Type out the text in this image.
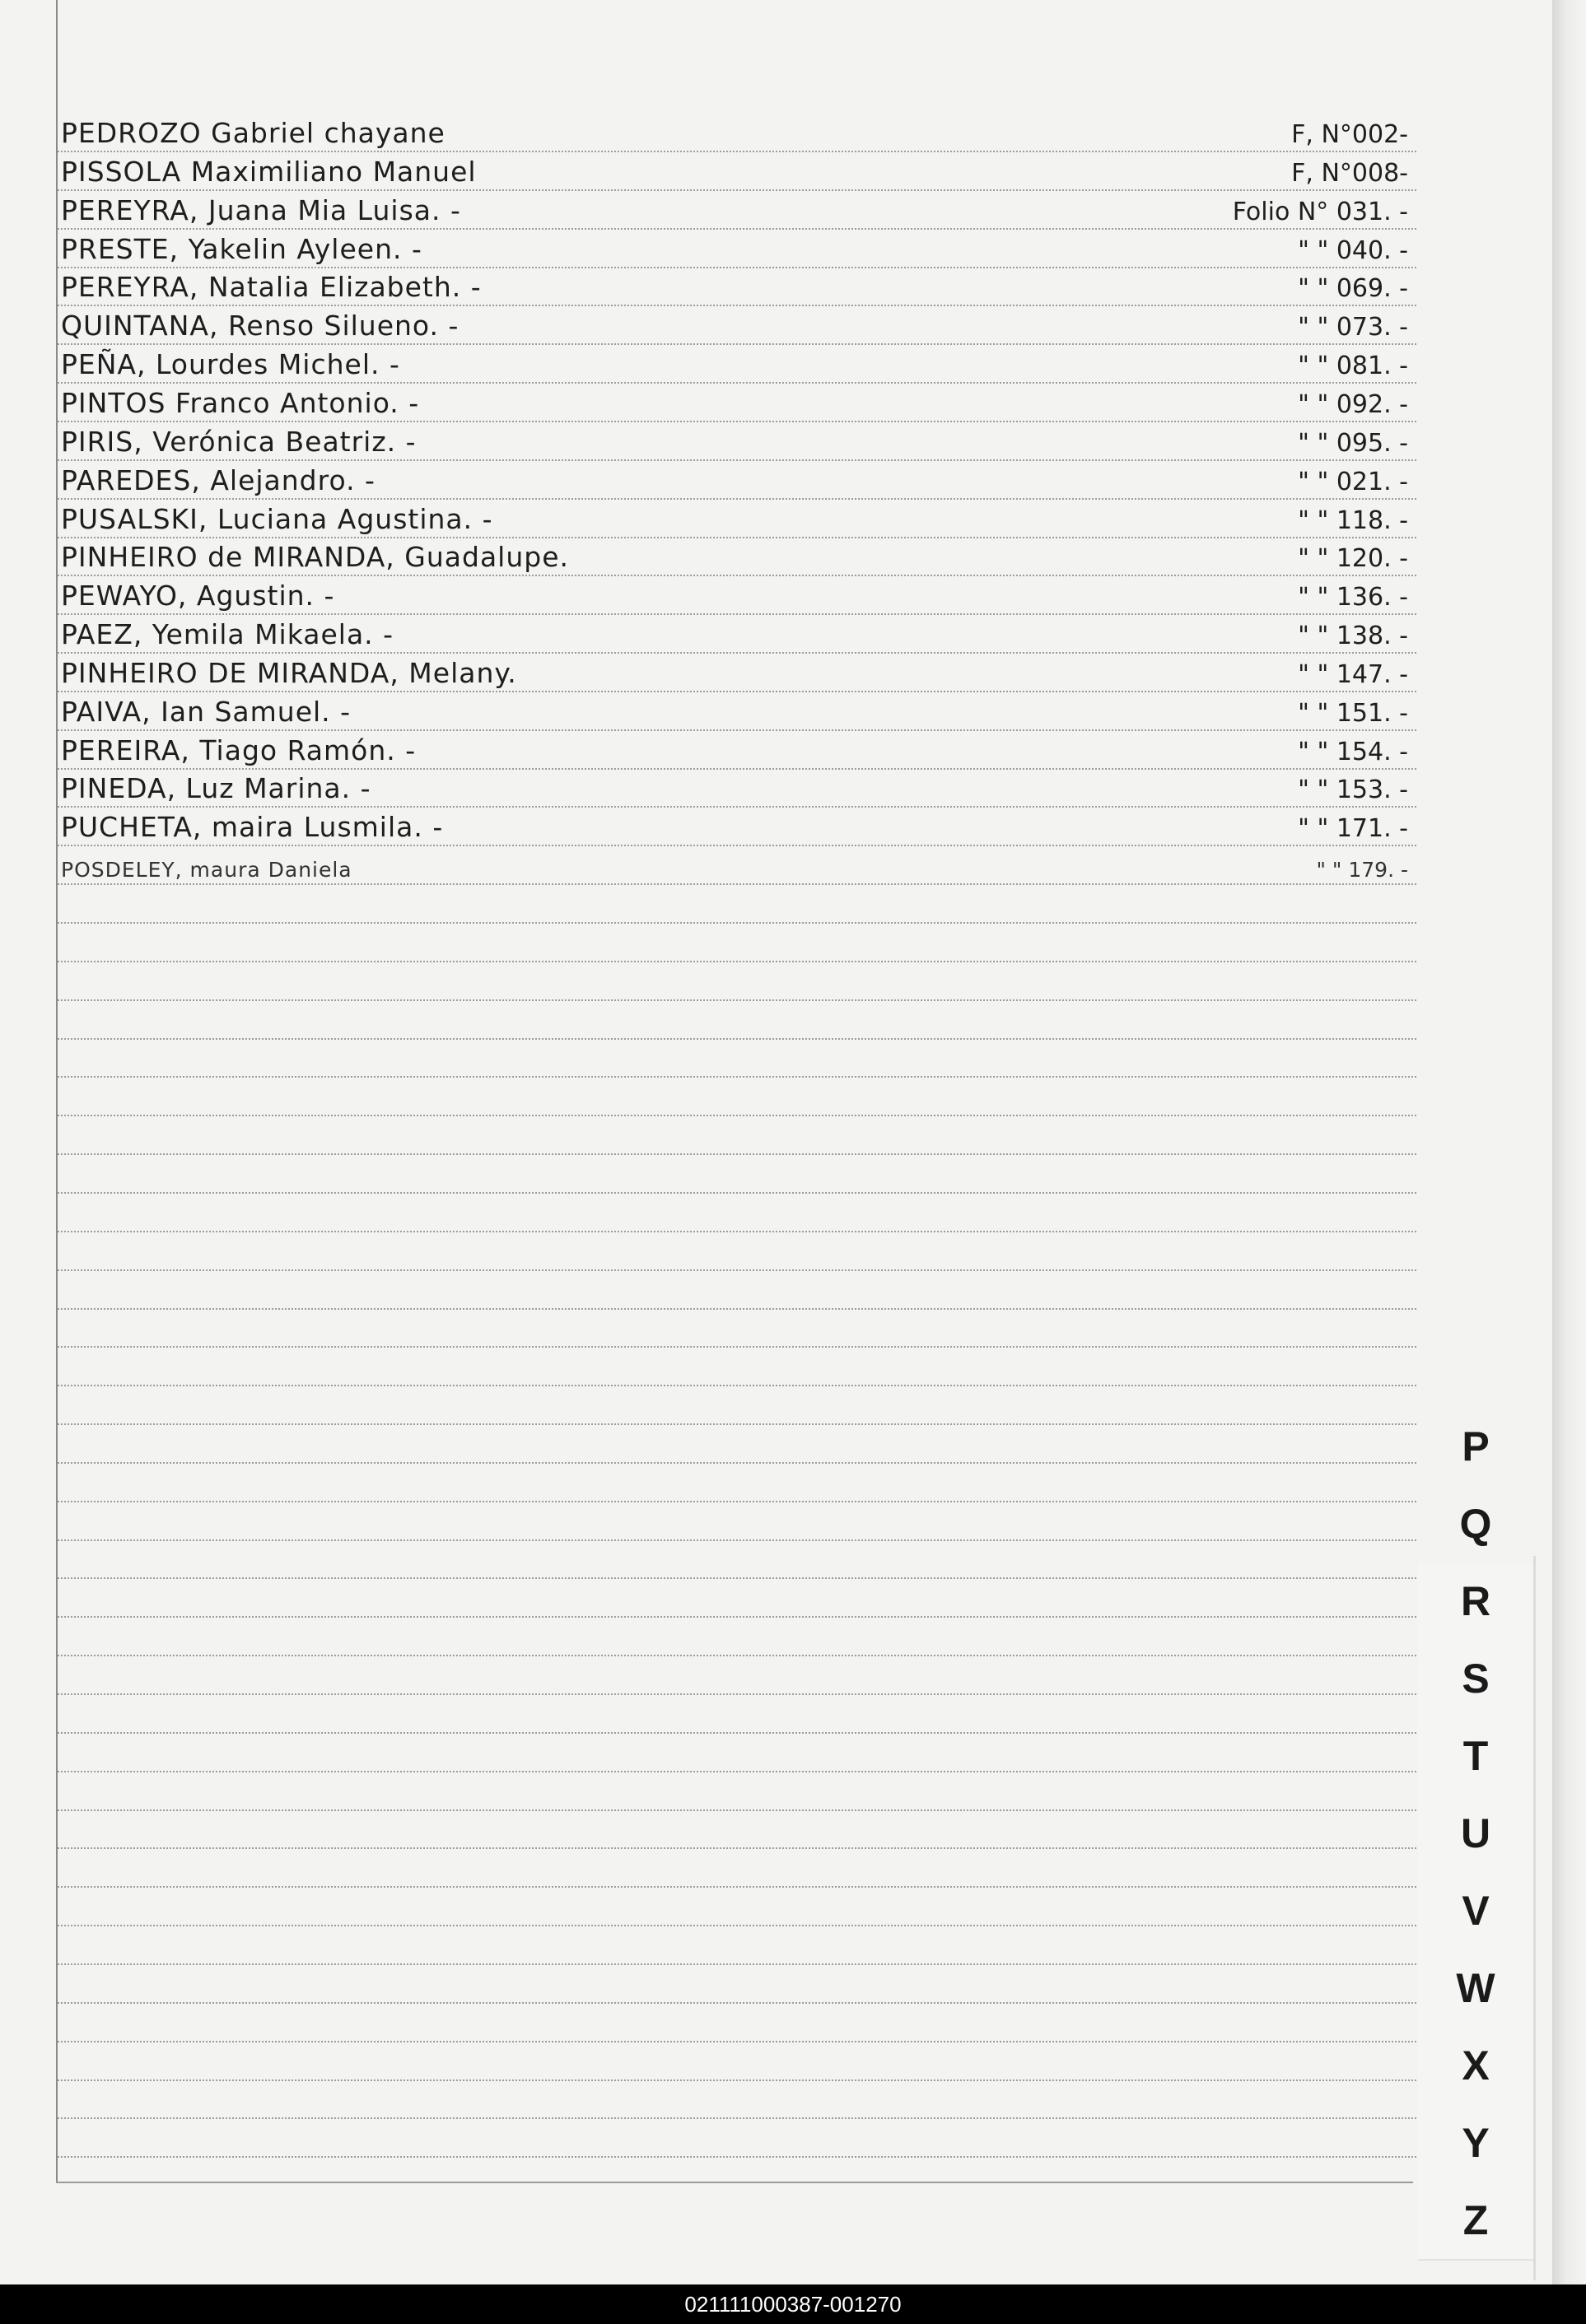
PEDROZO Gabriel chayane	F, N°002-
PISSOLA Maximiliano Manuel	F, N°008-
PEREYRA, Juana Mia Luisa. -	Folio N° 031. -
PRESTE, Yakelin Ayleen. -	" " 040. -
PEREYRA, Natalia Elizabeth. -	" " 069. -
QUINTANA, Renso Silueno. -	" " 073. -
PEÑA, Lourdes Michel. -	" " 081. -
PINTOS Franco Antonio. -	" " 092. -
PIRIS, Verónica Beatriz. -	" " 095. -
PAREDES, Alejandro. -	" " 021. -
PUSALSKI, Luciana Agustina. -	" " 118. -
PINHEIRO de MIRANDA, Guadalupe.	" " 120. -
PEWAYO, Agustin. -	" " 136. -
PAEZ, Yemila Mikaela. -	" " 138. -
PINHEIRO DE MIRANDA, Melany.	" " 147. -
PAIVA, Ian Samuel. -	" " 151. -
PEREIRA, Tiago Ramón. -	" " 154. -
PINEDA, Luz Marina. -	" " 153. -
PUCHETA, maira Lusmila. -	" " 171. -
POSDELEY, maura Daniela	" " 179. -
P
Q
R
S
T
U
V
W
X
Y
Z
021111000387-001270
